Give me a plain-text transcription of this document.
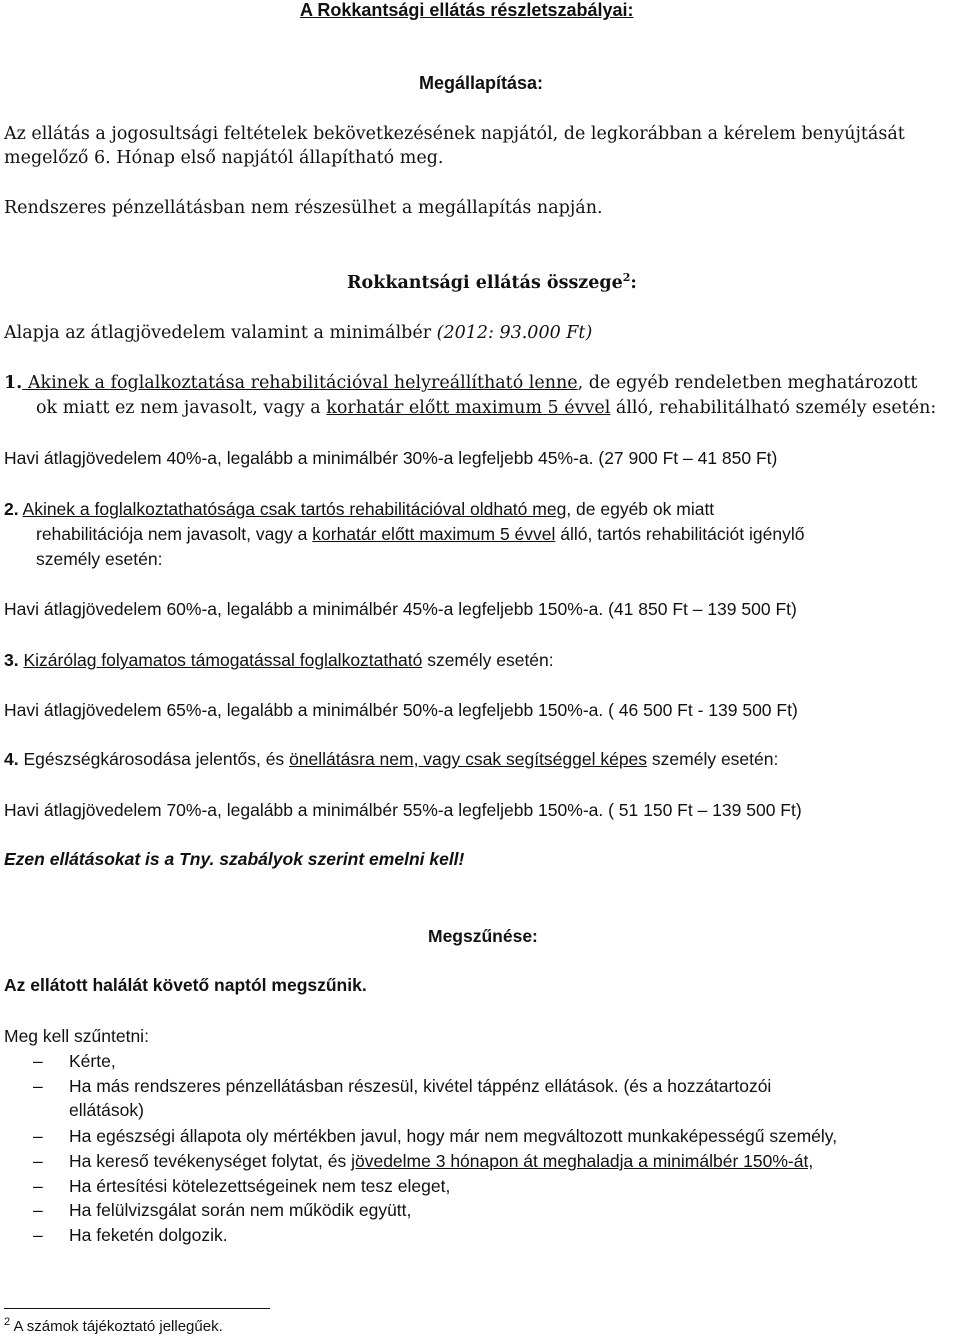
A Rokkantsági ellátás részletszabályai:
Megállapítása:
Az ellátás a jogosultsági feltételek bekövetkezésének napjától, de legkorábban a kérelem benyújtását
megelőző 6. Hónap első napjától állapítható meg.
Rendszeres pénzellátásban nem részesülhet a megállapítás napján.
Rokkantsági ellátás összege$^2$:
Alapja az átlagjövedelem valamint a minimálbér (2012: 93.000 Ft)
1. Akinek a foglalkoztatása rehabilitációval helyreállítható lenne, de egyéb rendeletben meghatározott
ok miatt ez nem javasolt, vagy a korhatár előtt maximum 5 évvel álló, rehabilitálható személy esetén:
Havi átlagjövedelem 40%-a, legalább a minimálbér 30%-a legfeljebb 45%-a. (27 900 Ft – 41 850 Ft)
2. Akinek a foglalkoztathatósága csak tartós rehabilitációval oldható meg, de egyéb ok miatt
rehabilitációja nem javasolt, vagy a korhatár előtt maximum 5 évvel álló, tartós rehabilitációt igénylő
személy esetén:
Havi átlagjövedelem 60%-a, legalább a minimálbér 45%-a legfeljebb 150%-a. (41 850 Ft – 139 500 Ft)
3. Kizárólag folyamatos támogatással foglalkoztatható személy esetén:
Havi átlagjövedelem 65%-a, legalább a minimálbér 50%-a legfeljebb 150%-a. ( 46 500 Ft - 139 500 Ft)
4. Egészségkárosodása jelentős, és önellátásra nem, vagy csak segítséggel képes személy esetén:
Havi átlagjövedelem 70%-a, legalább a minimálbér 55%-a legfeljebb 150%-a. ( 51 150 Ft – 139 500 Ft)
Ezen ellátásokat is a Tny. szabályok szerint emelni kell!
Megszűnése:
Az ellátott halálát követő naptól megszűnik.
Meg kell szűntetni:
– Kérte,
– Ha más rendszeres pénzellátásban részesül, kivétel táppénz ellátások. (és a hozzátartozói
ellátások)
– Ha egészségi állapota oly mértékben javul, hogy már nem megváltozott munkaképességű személy,
– Ha kereső tevékenységet folytat, és jövedelme 3 hónapon át meghaladja a minimálbér 150%-át,
– Ha értesítési kötelezettségeinek nem tesz eleget,
– Ha felülvizsgálat során nem működik együtt,
– Ha feketén dolgozik.
$^2$ A számok tájékoztató jellegűek.
